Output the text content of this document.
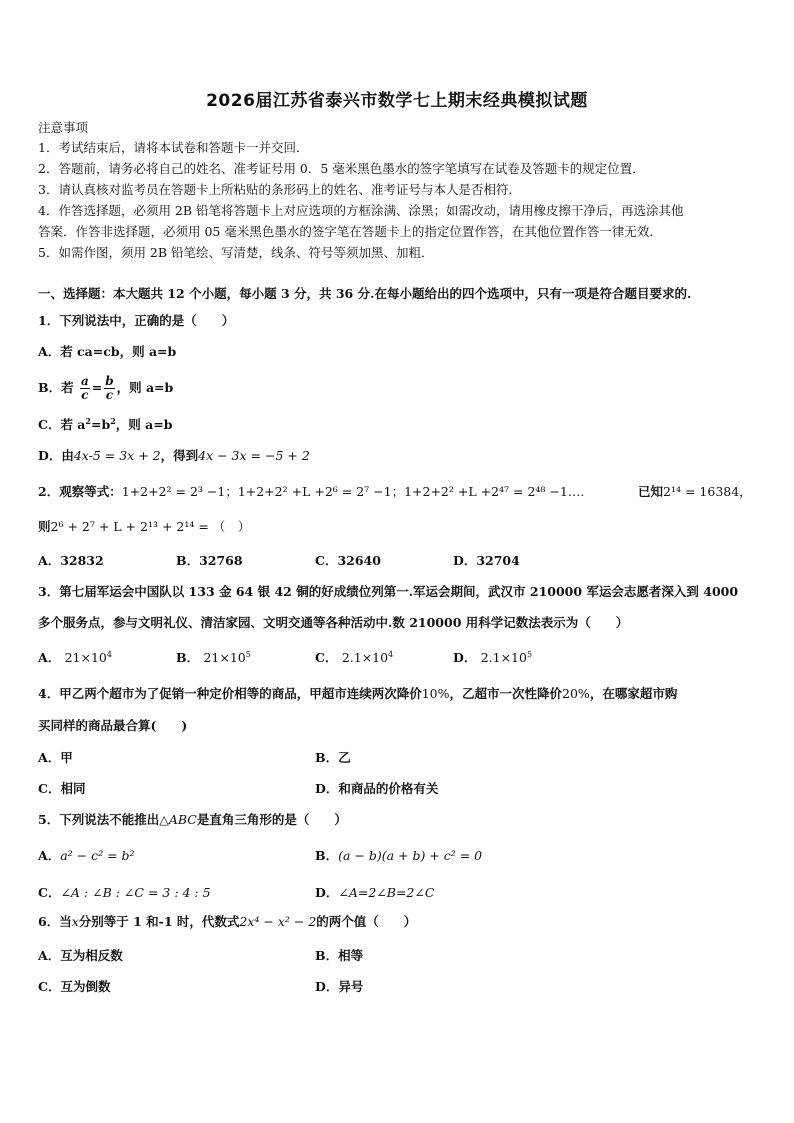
2026届江苏省泰兴市数学七上期末经典模拟试题
注意事项
1．考试结束后，请将本试卷和答题卡一并交回．
2．答题前，请务必将自己的姓名、准考证号用 0．5 毫米黑色墨水的签字笔填写在试卷及答题卡的规定位置．
3．请认真核对监考员在答题卡上所粘贴的条形码上的姓名、准考证号与本人是否相符．
4．作答选择题，必须用 2B 铅笔将答题卡上对应选项的方框涂满、涂黑；如需改动，请用橡皮擦干净后，再选涂其他
答案．作答非选择题，必须用 05 毫米黑色墨水的签字笔在答题卡上的指定位置作答，在其他位置作答一律无效．
5．如需作图，须用 2B 铅笔绘、写清楚，线条、符号等须加黑、加粗．
一、选择题：本大题共 12 个小题，每小题 3 分，共 36 分.在每小题给出的四个选项中，只有一项是符合题目要求的.
1．下列说法中，正确的是（　　）
A．若 ca=cb，则 a=b
B．若 $\frac{a}{c} = \frac{b}{c}$ ，则 a=b
C．若 $a^2=b^2$，则 a=b
D．由4x-5 = 3x + 2，得到4x − 3x = −5 + 2
2．观察等式：1+2+2² = 2³ −1；1+2+2² +L +2⁶ = 2⁷ −1；1+2+2² +L +2⁴⁷ = 2⁴⁸ −1….	已知2¹⁴ = 16384，
则2⁶ + 2⁷ + L + 2¹³ + 2¹⁴ = （　）
A．32832	B．32768	C．32640	D．32704
3．第七届军运会中国队以 133 金 64 银 42 铜的好成绩位列第一.军运会期间，武汉市 210000 军运会志愿者深入到 4000
多个服务点，参与文明礼仪、清洁家园、文明交通等各种活动中.数 210000 用科学记数法表示为（　　）
A． $21\times 10^4$	B． $21\times 10^5$	C． $2.1\times 10^4$	D． $2.1\times 10^5$
4．甲乙两个超市为了促销一种定价相等的商品，甲超市连续两次降价10%，乙超市一次性降价20%，在哪家超市购
买同样的商品最合算(　　)
A．甲	B．乙
C．相同	D．和商品的价格有关
5．下列说法不能推出△ABC是直角三角形的是（　　）
A．a² − c² = b²	B．(a − b)(a + b) + c² = 0
C．∠A : ∠B : ∠C = 3 : 4 : 5	D．∠A=2∠B=2∠C
6．当x分别等于 1 和-1 时，代数式2x⁴ − x² − 2的两个值（　　）
A．互为相反数	B．相等
C．互为倒数	D．异号
